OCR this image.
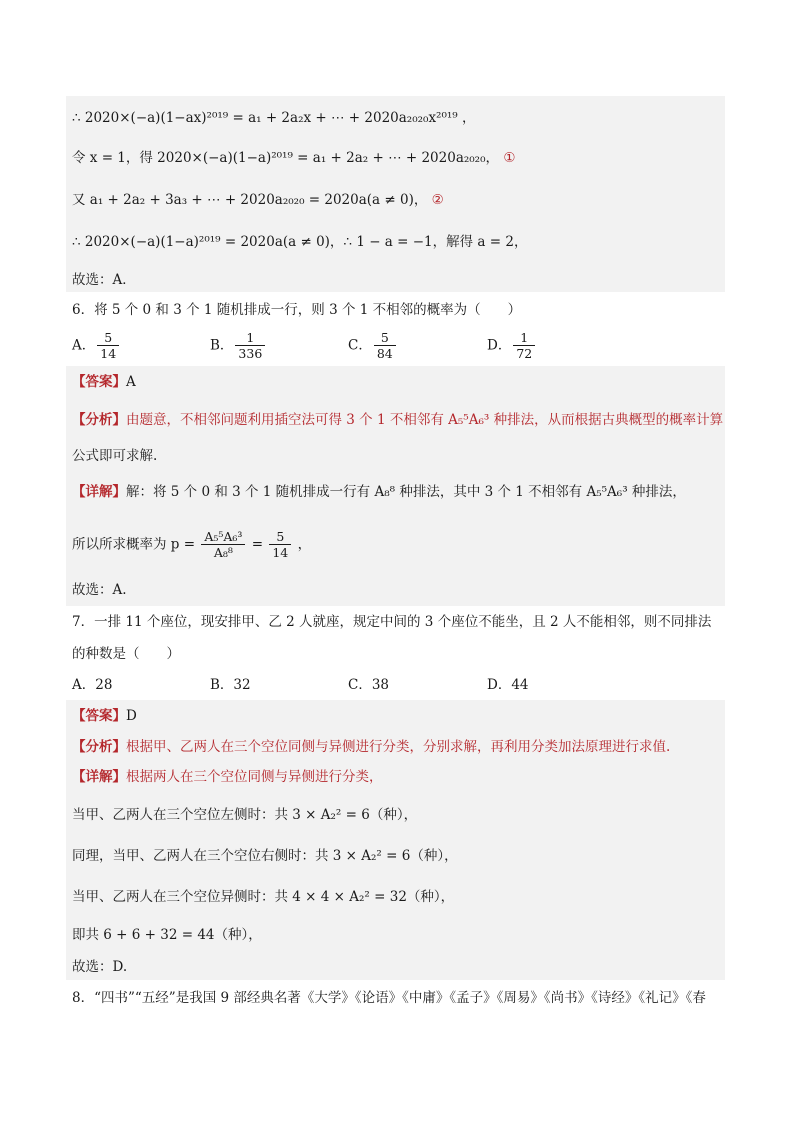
∴ 2020×(−a)(1−ax)²⁰¹⁹ = a₁ + 2a₂x + ⋯ + 2020a₂₀₂₀x²⁰¹⁹ ，
令 x = 1，得 2020×(−a)(1−a)²⁰¹⁹ = a₁ + 2a₂ + ⋯ + 2020a₂₀₂₀， ①
又 a₁ + 2a₂ + 3a₃ + ⋯ + 2020a₂₀₂₀ = 2020a(a ≠ 0)， ②
∴ 2020×(−a)(1−a)²⁰¹⁹ = 2020a(a ≠ 0)，∴ 1 − a = −1，解得 a = 2，
故选：A．
6．将 5 个 0 和 3 个 1 随机排成一行，则 3 个 1 不相邻的概率为（　　）
A． $\frac{5}{14}$	B． $\frac{1}{336}$	C． $\frac{5}{84}$	D． $\frac{1}{72}$
【答案】A
【分析】由题意，不相邻问题利用插空法可得 3 个 1 不相邻有 A₅⁵A₆³ 种排法，从而根据古典概型的概率计算
公式即可求解.
【详解】解：将 5 个 0 和 3 个 1 随机排成一行有 A₈⁸ 种排法，其中 3 个 1 不相邻有 A₅⁵A₆³ 种排法，
所以所求概率为 $p = \frac{\text{A₅⁵A₆³}}{\text{A₈⁸}} = \frac{5}{14}$ ，
故选：A.
7．一排 11 个座位，现安排甲、乙 2 人就座，规定中间的 3 个座位不能坐，且 2 人不能相邻，则不同排法
的种数是（　　）
A．28	B．32	C．38	D．44
【答案】D
【分析】根据甲、乙两人在三个空位同侧与异侧进行分类，分别求解，再利用分类加法原理进行求值.
【详解】根据两人在三个空位同侧与异侧进行分类，
当甲、乙两人在三个空位左侧时：共 3 × A₂² = 6（种），
同理，当甲、乙两人在三个空位右侧时：共 3 × A₂² = 6（种），
当甲、乙两人在三个空位异侧时：共 4 × 4 × A₂² = 32（种），
即共 6 + 6 + 32 = 44（种），
故选：D.
8．“四书”“五经”是我国 9 部经典名著《大学》《论语》《中庸》《孟子》《周易》《尚书》《诗经》《礼记》《春
